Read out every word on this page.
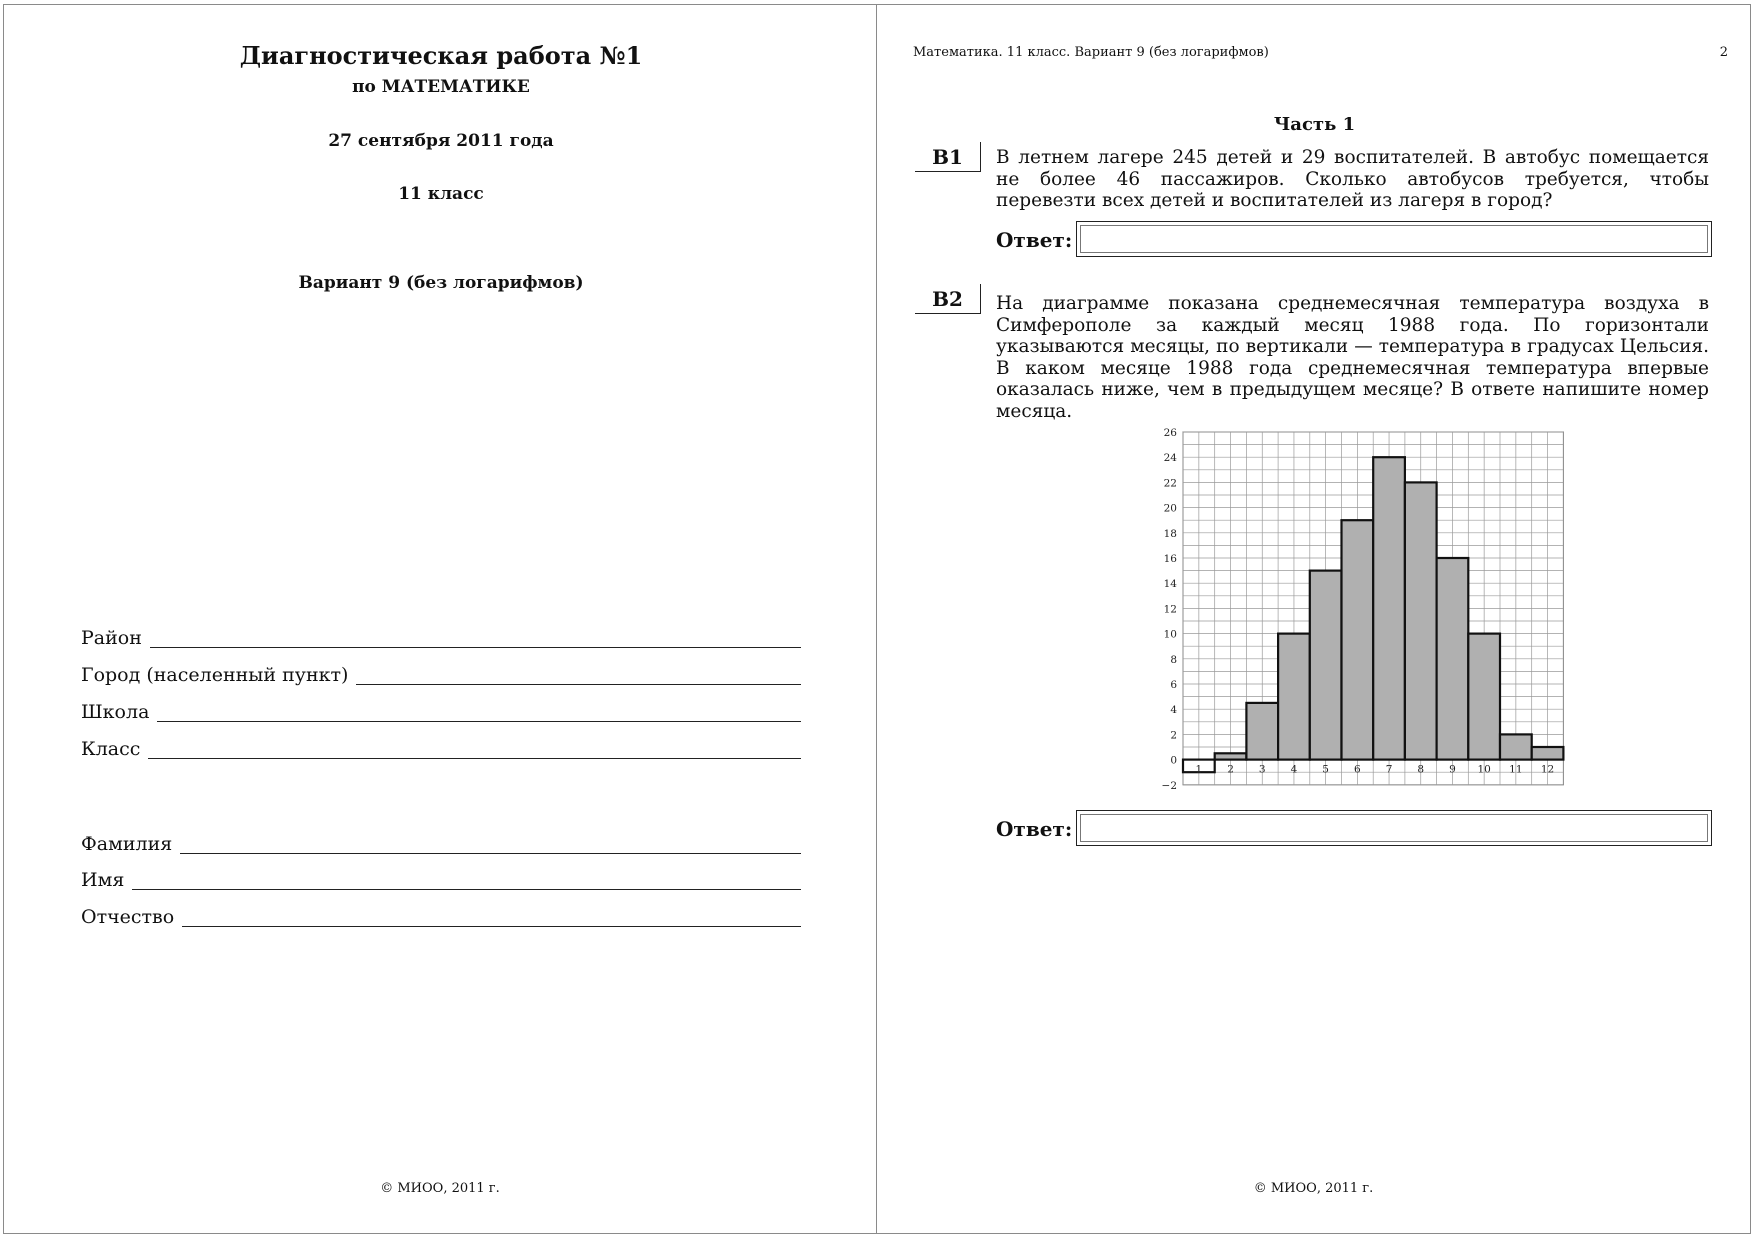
Диагностическая работа №1
по МАТЕМАТИКЕ
27 сентября 2011 года
11 класс
Вариант 9 (без логарифмов)
Район
Город (населенный пункт)
Школа
Класс
Фамилия
Имя
Отчество
© МИОО, 2011 г.
Математика. 11 класс. Вариант 9 (без логарифмов)	2
Часть 1
B1	В летнем лагере 245 детей и 29 воспитателей. В автобус помещается не более 46 пассажиров. Сколько автобусов требуется, чтобы перевезти всех детей и воспитателей из лагеря в город?
Ответ:
B2	На диаграмме показана среднемесячная температура воздуха в Симферополе за каждый месяц 1988 года. По горизонтали указываются месяцы, по вертикали — температура в градусах Цельсия. В каком месяце 1988 года среднемесячная температура впервые оказалась ниже, чем в предыдущем месяце? В ответе напишите номер месяца.
−2
0
2
4
6
8
10
12
14
16
18
20
22
24
26
1 2 3 4 5 6 7 8 9 10 11 12
Ответ:
© МИОО, 2011 г.
